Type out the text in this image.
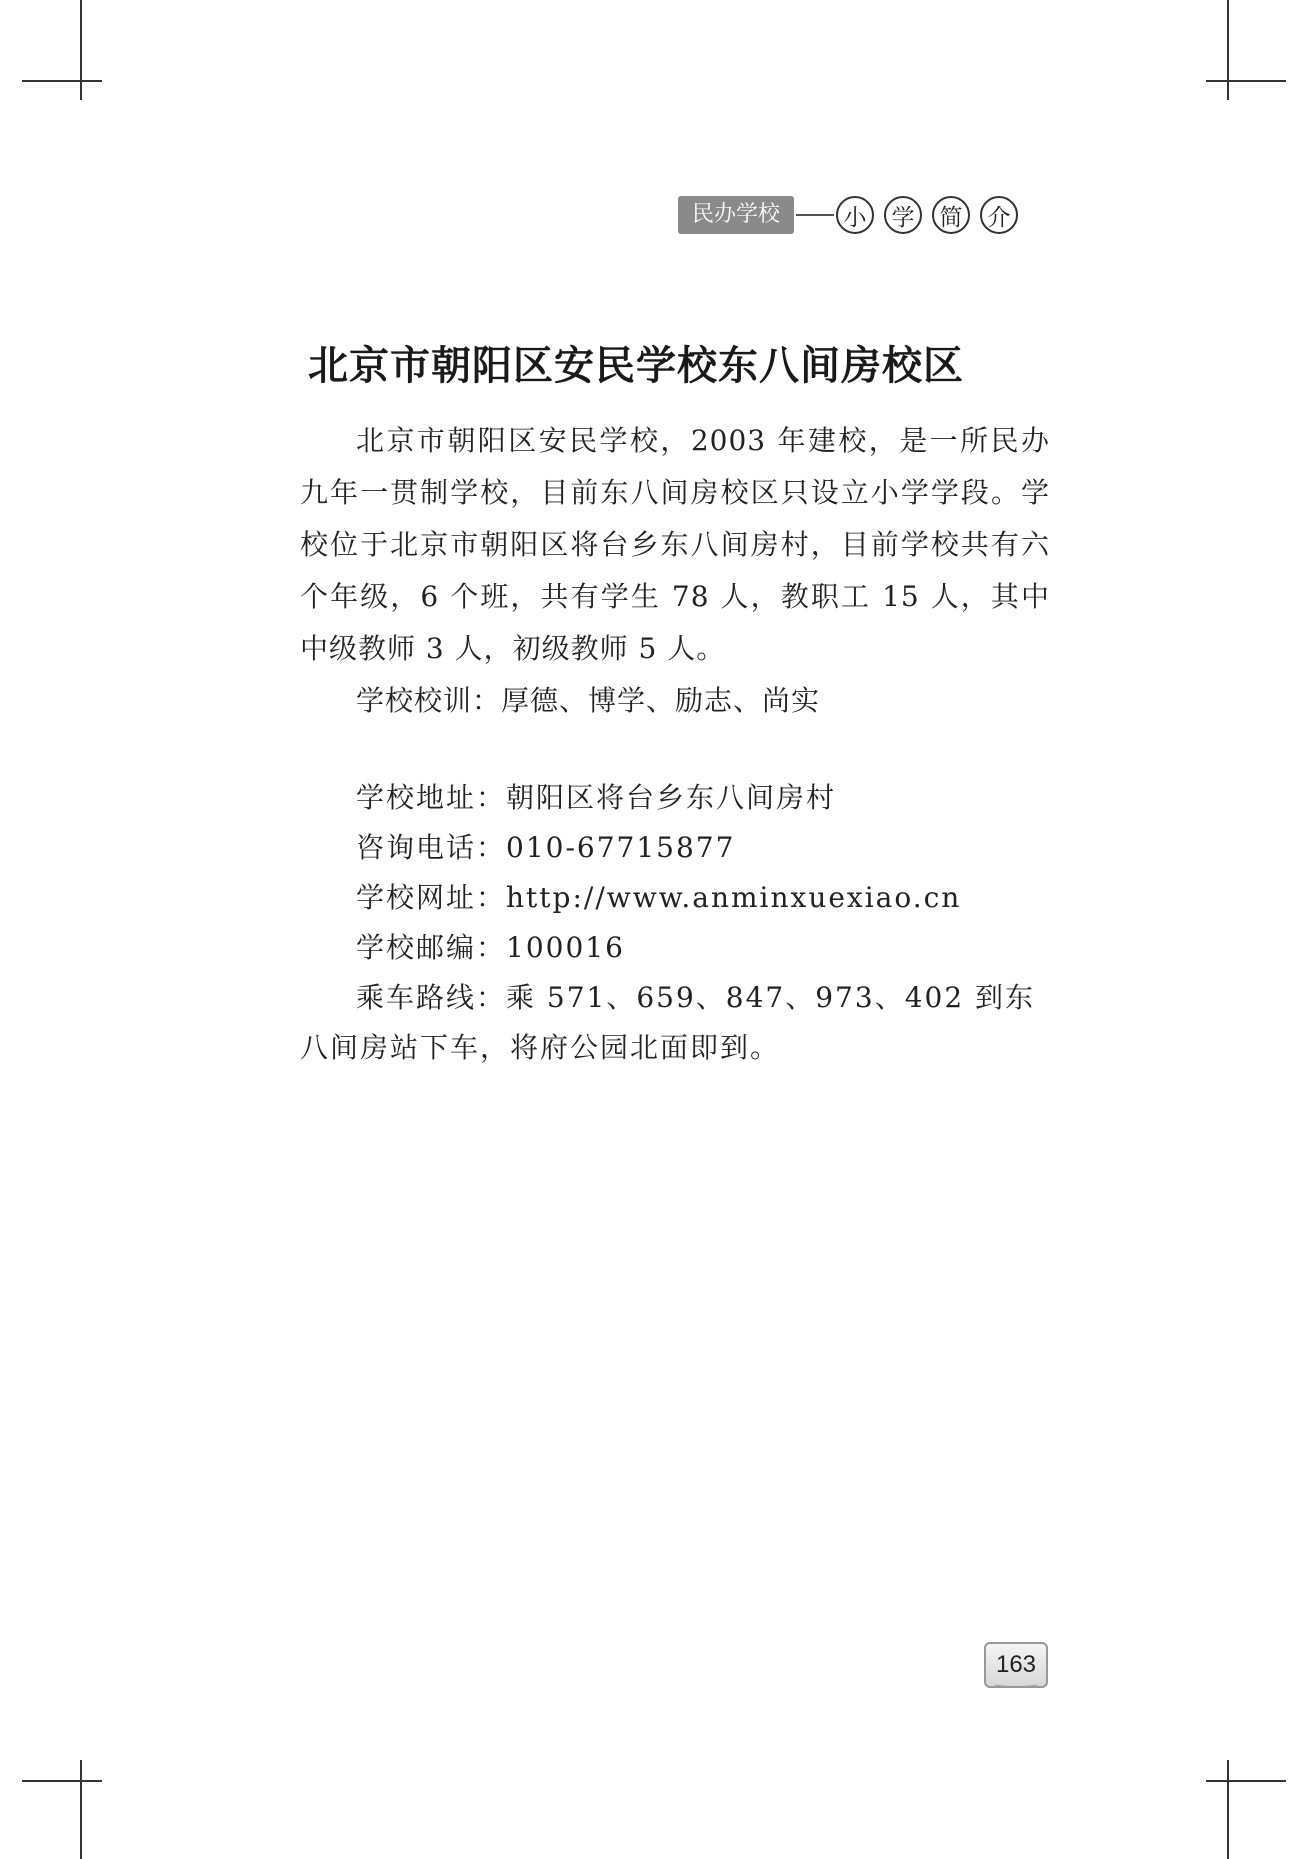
民办学校	小	学	简	介
北京市朝阳区安民学校东八间房校区

北京市朝阳区安民学校，2003 年建校，是一所民办九年一贯制学校，目前东八间房校区只设立小学学段。学校位于北京市朝阳区将台乡东八间房村，目前学校共有六个年级，6 个班，共有学生 78 人，教职工 15 人，其中中级教师 3 人，初级教师 5 人。

学校校训：厚德、博学、励志、尚实

学校地址：朝阳区将台乡东八间房村

咨询电话：010-67715877

学校网址：http://www.anminxuexiao.cn

学校邮编：100016

乘车路线：乘 571、659、847、973、402 到东八间房站下车，将府公园北面即到。

163
